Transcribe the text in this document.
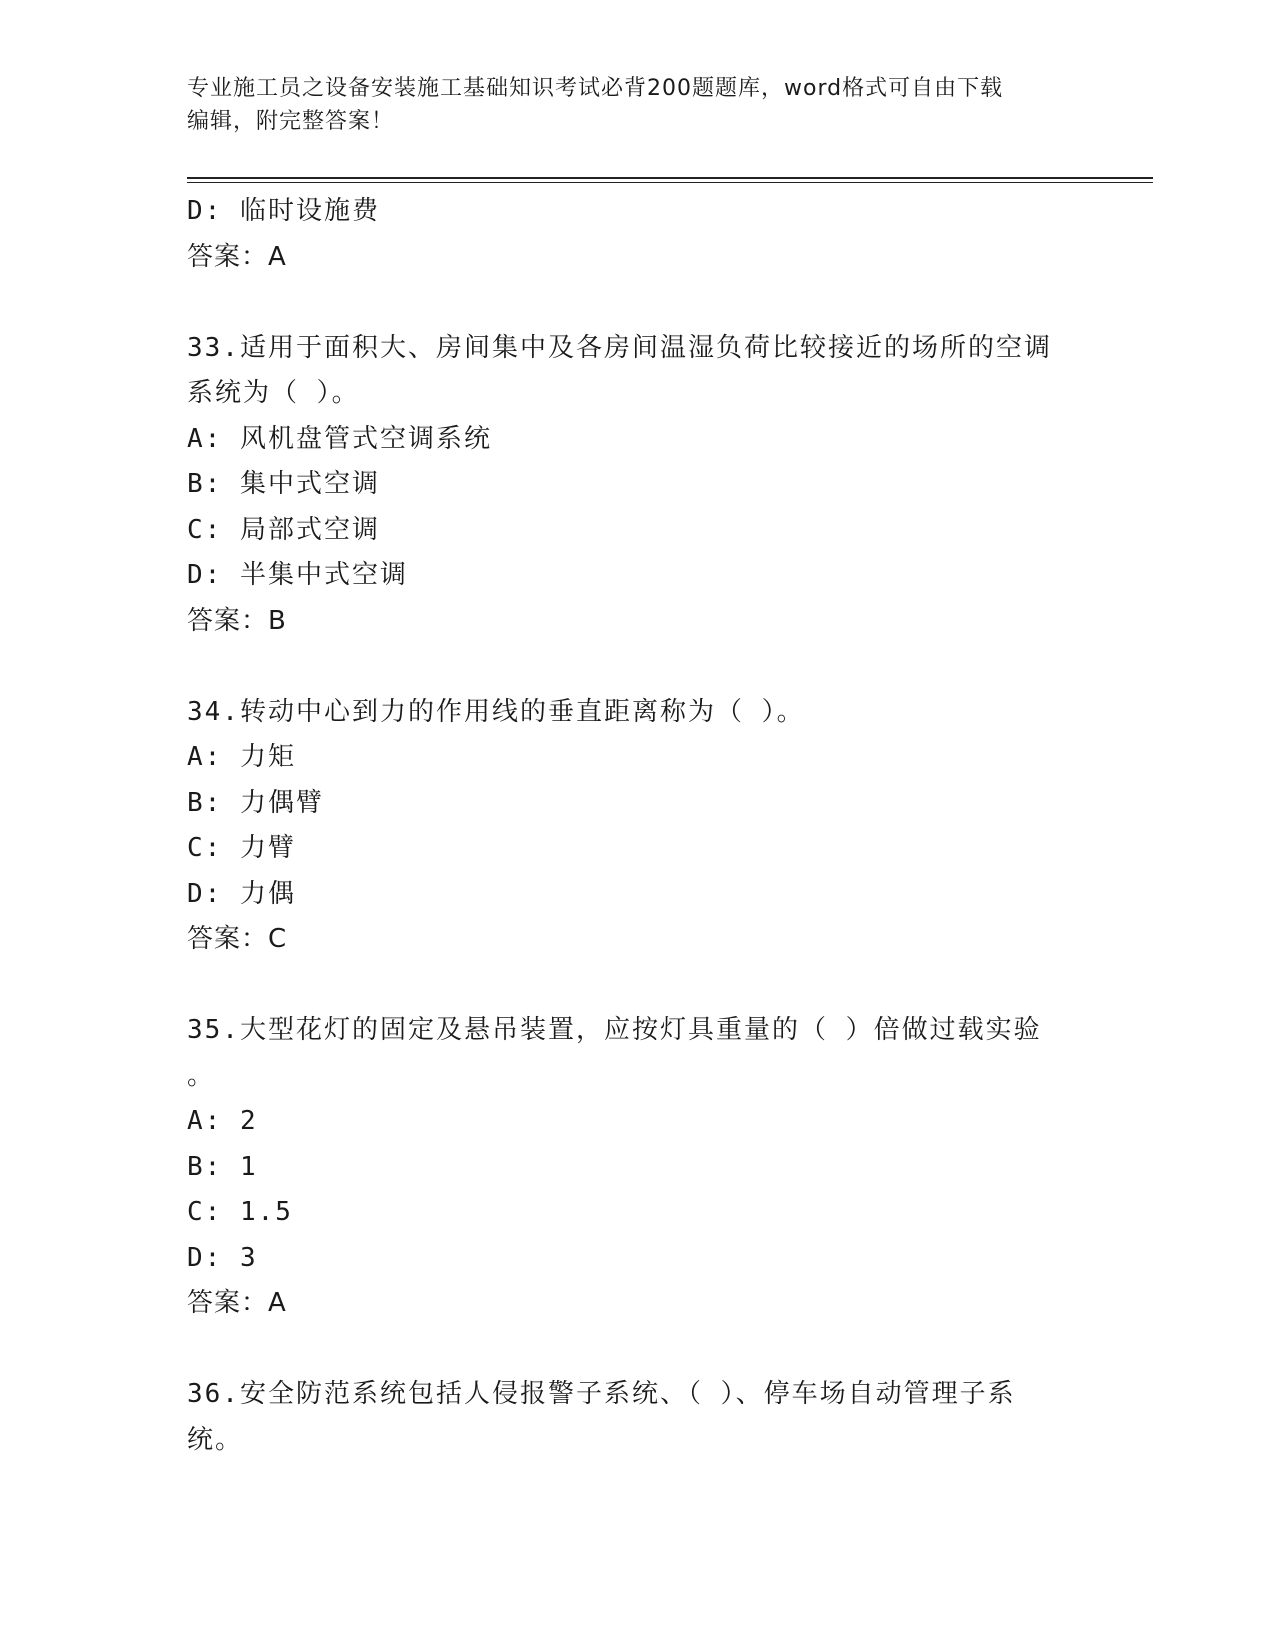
专业施工员之设备安装施工基础知识考试必背200题题库，word格式可自由下载
编辑，附完整答案！

D: 临时设施费

答案：A

33.适用于面积大、房间集中及各房间温湿负荷比较接近的场所的空调

系统为（ ）。

A: 风机盘管式空调系统

B: 集中式空调

C: 局部式空调

D: 半集中式空调

答案：B

34.转动中心到力的作用线的垂直距离称为（ ）。

A: 力矩

B: 力偶臂

C: 力臂

D: 力偶

答案：C

35.大型花灯的固定及悬吊装置，应按灯具重量的（ ）倍做过载实验

。

A: 2

B: 1

C: 1.5

D: 3

答案：A

36.安全防范系统包括人侵报警子系统、（ ）、停车场自动管理子系

统。
